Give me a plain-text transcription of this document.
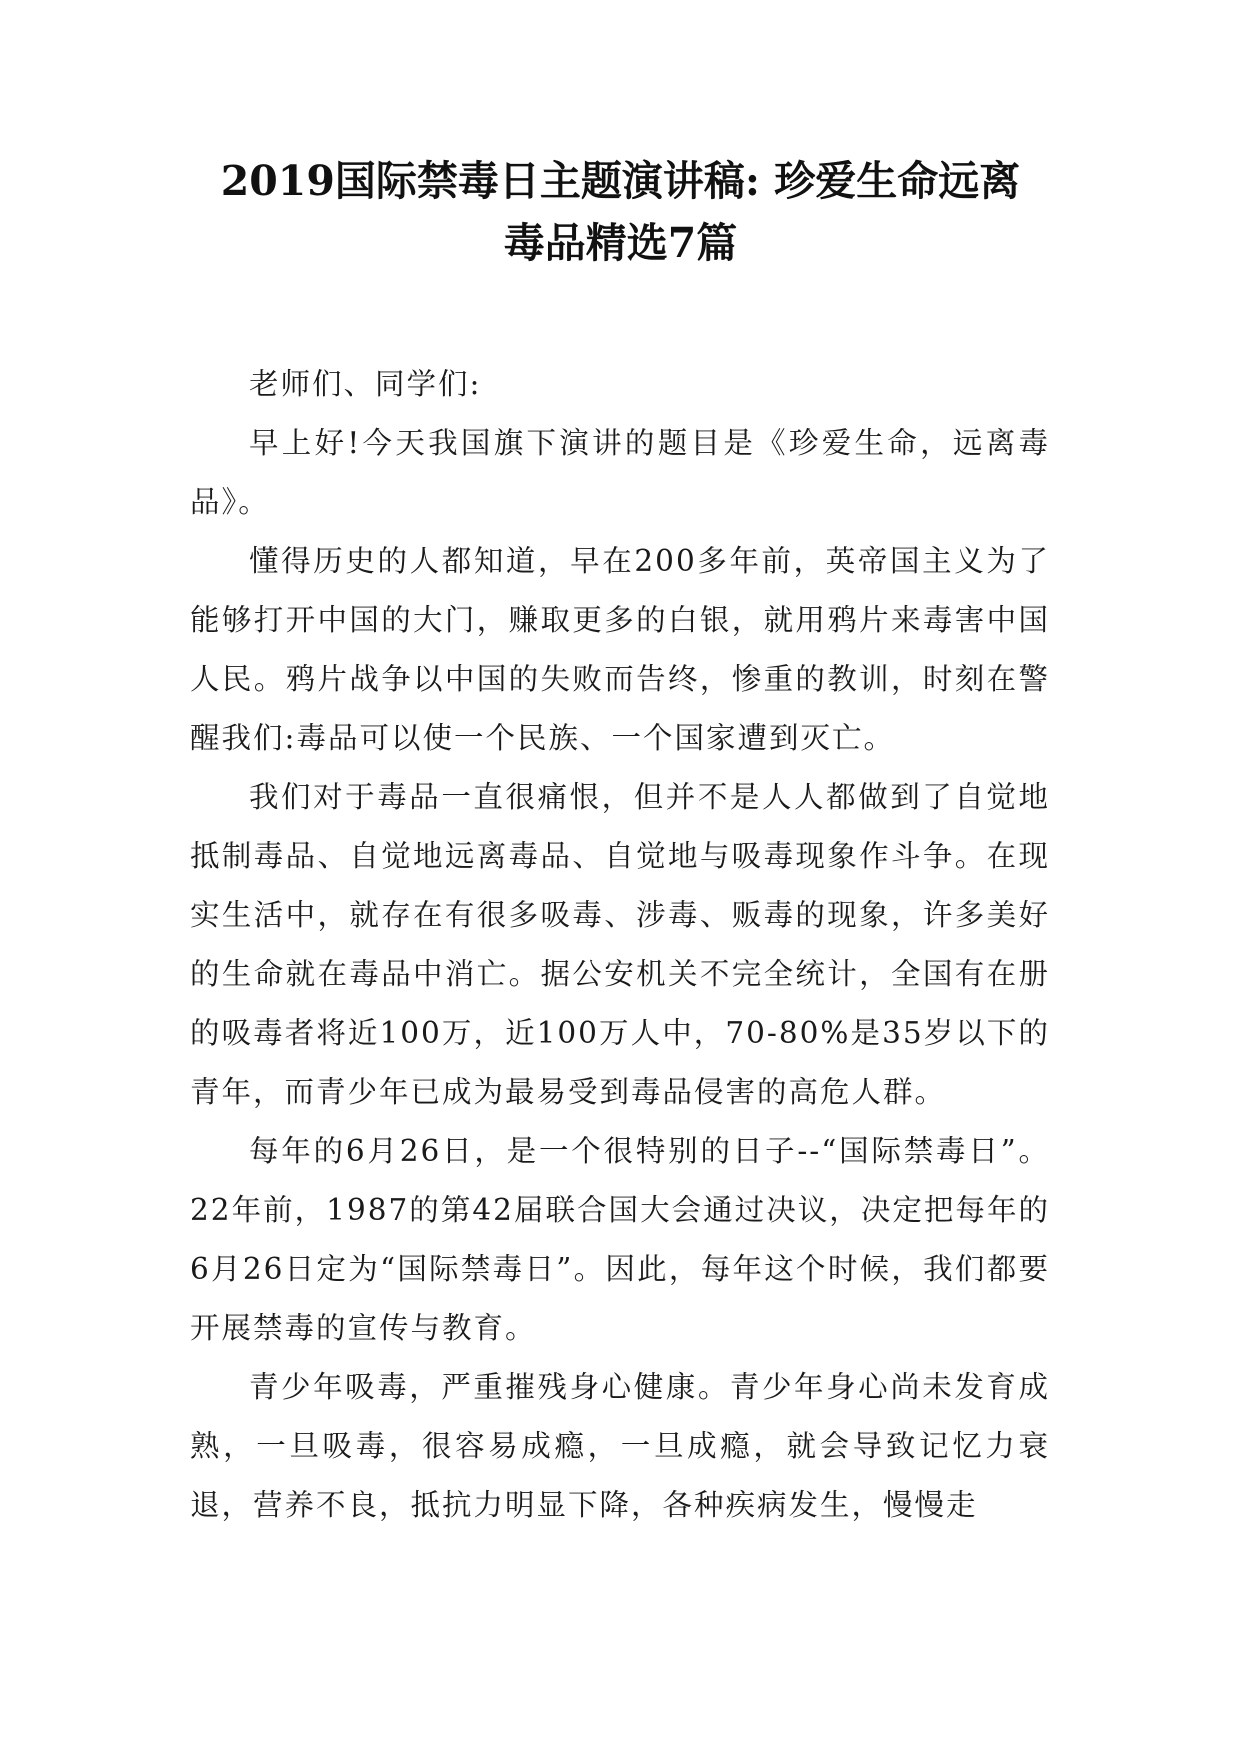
2019国际禁毒日主题演讲稿: 珍爱生命远离
毒品精选7篇

老师们、同学们:

早上好!今天我国旗下演讲的题目是《珍爱生命，远离毒品》。

懂得历史的人都知道，早在200多年前，英帝国主义为了能够打开中国的大门，赚取更多的白银，就用鸦片来毒害中国人民。鸦片战争以中国的失败而告终，惨重的教训，时刻在警醒我们:毒品可以使一个民族、一个国家遭到灭亡。

我们对于毒品一直很痛恨，但并不是人人都做到了自觉地抵制毒品、自觉地远离毒品、自觉地与吸毒现象作斗争。在现实生活中，就存在有很多吸毒、涉毒、贩毒的现象，许多美好的生命就在毒品中消亡。据公安机关不完全统计，全国有在册的吸毒者将近100万，近100万人中，70-80%是35岁以下的青年，而青少年已成为最易受到毒品侵害的高危人群。

每年的6月26日，是一个很特别的日子--“国际禁毒日”。22年前，1987的第42届联合国大会通过决议，决定把每年的6月26日定为“国际禁毒日”。因此，每年这个时候，我们都要开展禁毒的宣传与教育。

青少年吸毒，严重摧残身心健康。青少年身心尚未发育成熟，一旦吸毒，很容易成瘾，一旦成瘾，就会导致记忆力衰退，营养不良，抵抗力明显下降，各种疾病发生，慢慢走
